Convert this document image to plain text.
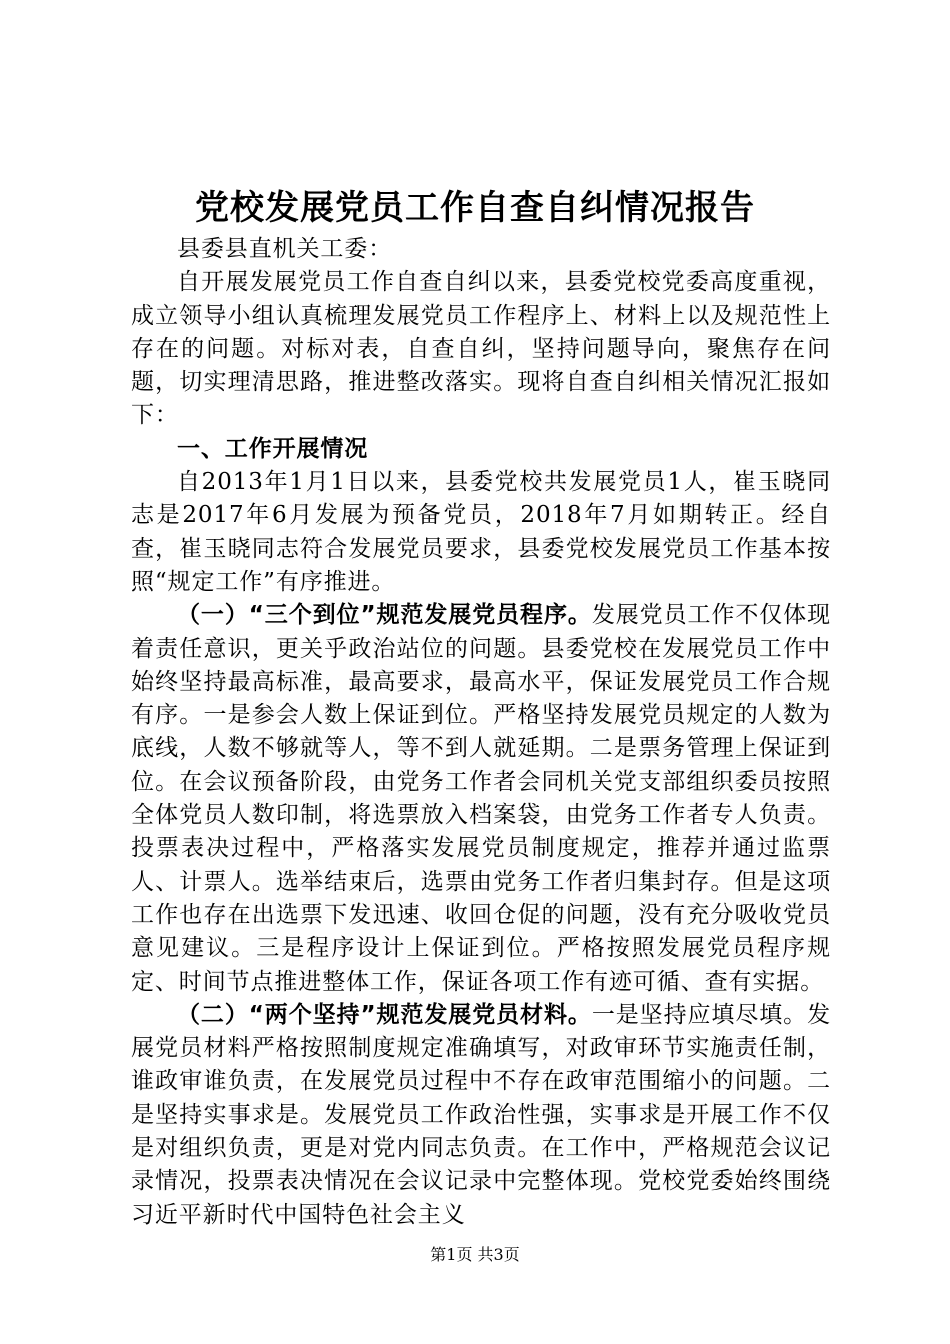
党校发展党员工作自查自纠情况报告

县委县直机关工委：

自开展发展党员工作自查自纠以来，县委党校党委高度重视，成立领导小组认真梳理发展党员工作程序上、材料上以及规范性上存在的问题。对标对表，自查自纠，坚持问题导向，聚焦存在问题，切实理清思路，推进整改落实。现将自查自纠相关情况汇报如下：

一、工作开展情况

自2013年1月1日以来，县委党校共发展党员1人，崔玉晓同志是2017年6月发展为预备党员，2018年7月如期转正。经自查，崔玉晓同志符合发展党员要求，县委党校发展党员工作基本按照“规定工作”有序推进。

（一）“三个到位”规范发展党员程序。发展党员工作不仅体现着责任意识，更关乎政治站位的问题。县委党校在发展党员工作中始终坚持最高标准，最高要求，最高水平，保证发展党员工作合规有序。一是参会人数上保证到位。严格坚持发展党员规定的人数为底线，人数不够就等人，等不到人就延期。二是票务管理上保证到位。在会议预备阶段，由党务工作者会同机关党支部组织委员按照全体党员人数印制，将选票放入档案袋，由党务工作者专人负责。投票表决过程中，严格落实发展党员制度规定，推荐并通过监票人、计票人。选举结束后，选票由党务工作者归集封存。但是这项工作也存在出选票下发迅速、收回仓促的问题，没有充分吸收党员意见建议。三是程序设计上保证到位。严格按照发展党员程序规定、时间节点推进整体工作，保证各项工作有迹可循、查有实据。

（二）“两个坚持”规范发展党员材料。一是坚持应填尽填。发展党员材料严格按照制度规定准确填写，对政审环节实施责任制，谁政审谁负责，在发展党员过程中不存在政审范围缩小的问题。二是坚持实事求是。发展党员工作政治性强，实事求是开展工作不仅是对组织负责，更是对党内同志负责。在工作中，严格规范会议记录情况，投票表决情况在会议记录中完整体现。党校党委始终围绕习近平新时代中国特色社会主义

第1页 共3页
